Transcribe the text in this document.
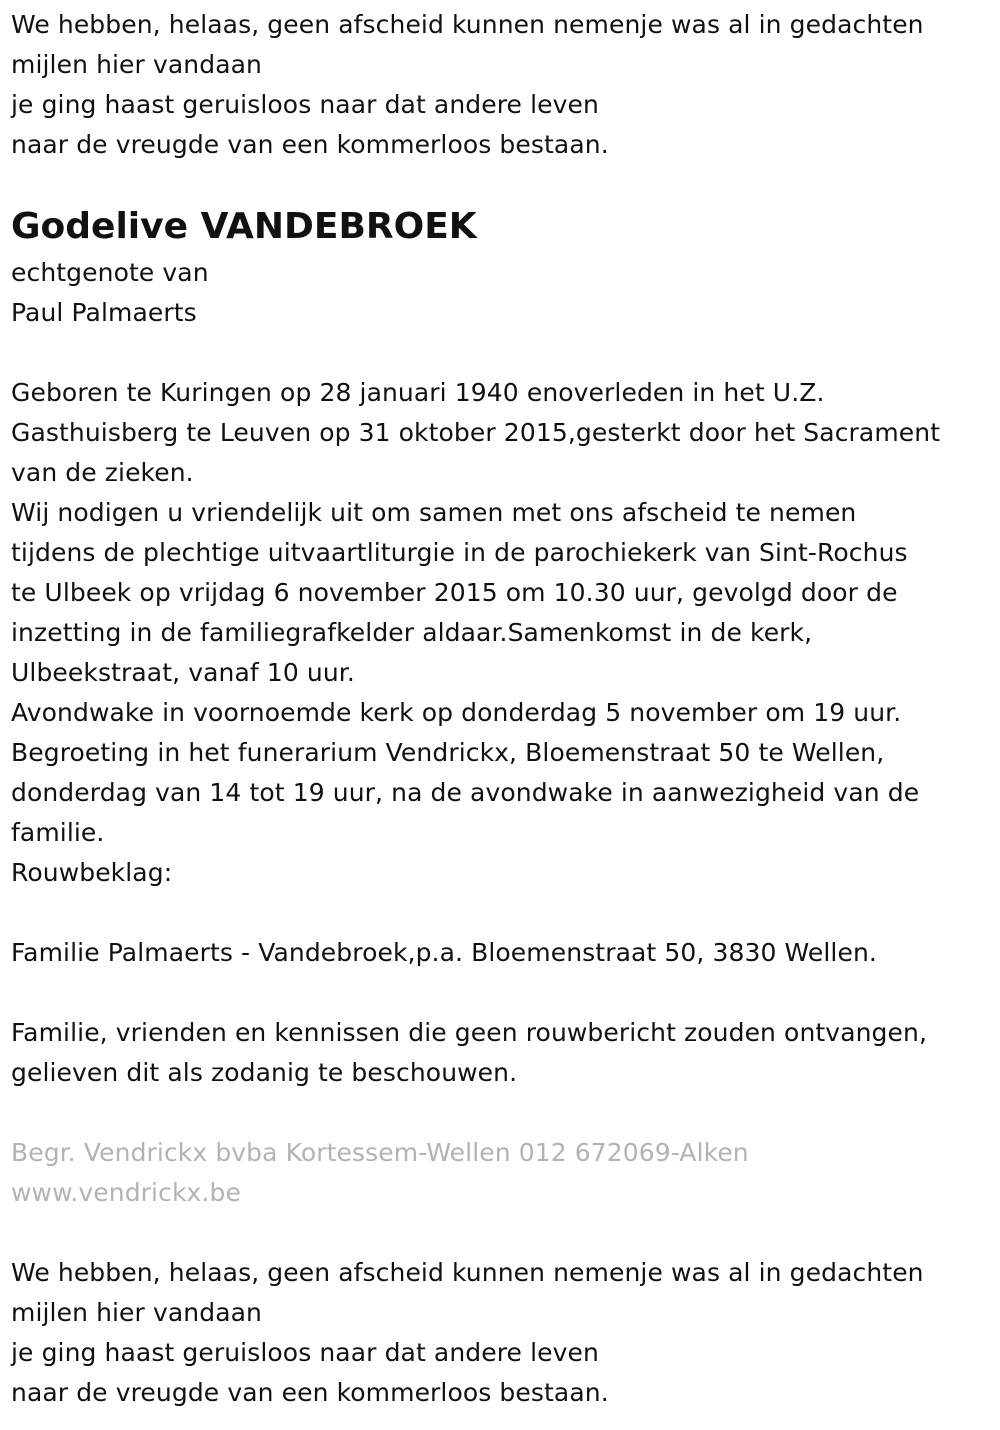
We hebben, helaas, geen afscheid kunnen nemenje was al in gedachten
mijlen hier vandaan
je ging haast geruisloos naar dat andere leven
naar de vreugde van een kommerloos bestaan.
Godelive VANDEBROEK
echtgenote van
Paul Palmaerts
Geboren te Kuringen op 28 januari 1940 enoverleden in het U.Z.
Gasthuisberg te Leuven op 31 oktober 2015,gesterkt door het Sacrament
van de zieken.
Wij nodigen u vriendelijk uit om samen met ons afscheid te nemen
tijdens de plechtige uitvaartliturgie in de parochiekerk van Sint-Rochus
te Ulbeek op vrijdag 6 november 2015 om 10.30 uur, gevolgd door de
inzetting in de familiegrafkelder aldaar.Samenkomst in de kerk,
Ulbeekstraat, vanaf 10 uur.
Avondwake in voornoemde kerk op donderdag 5 november om 19 uur.
Begroeting in het funerarium Vendrickx, Bloemenstraat 50 te Wellen,
donderdag van 14 tot 19 uur, na de avondwake in aanwezigheid van de
familie.
Rouwbeklag:
Familie Palmaerts - Vandebroek,p.a. Bloemenstraat 50, 3830 Wellen.
Familie, vrienden en kennissen die geen rouwbericht zouden ontvangen,
gelieven dit als zodanig te beschouwen.
Begr. Vendrickx bvba Kortessem-Wellen 012 672069-Alken
www.vendrickx.be
We hebben, helaas, geen afscheid kunnen nemenje was al in gedachten
mijlen hier vandaan
je ging haast geruisloos naar dat andere leven
naar de vreugde van een kommerloos bestaan.
